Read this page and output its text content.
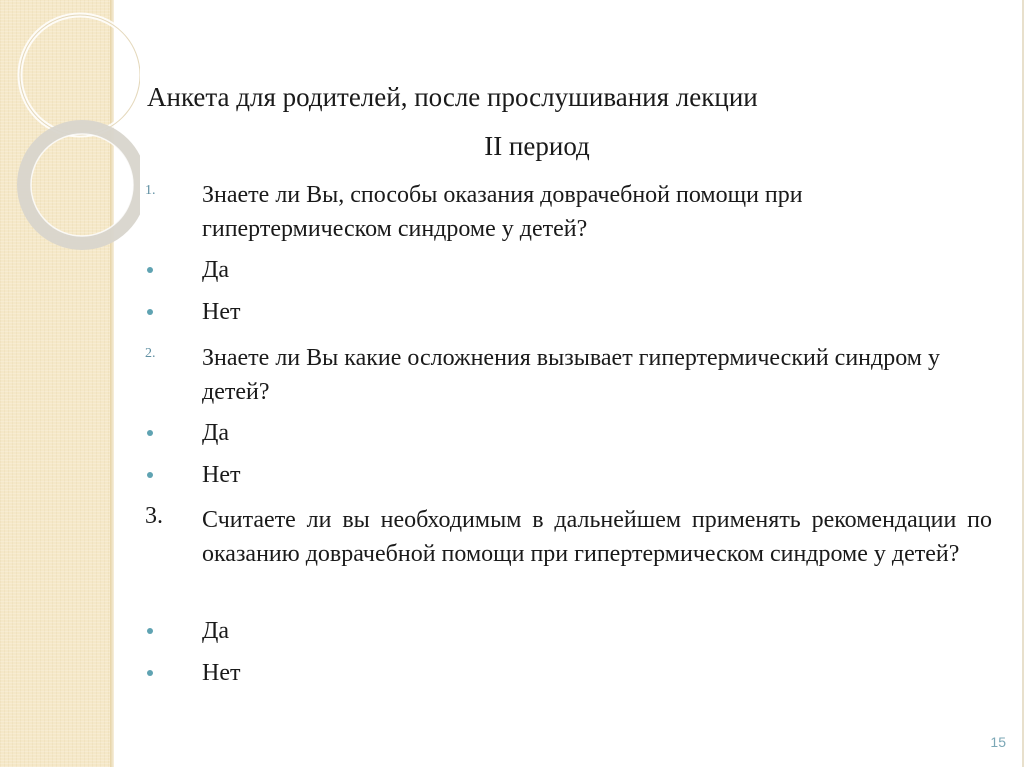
Анкета для родителей, после прослушивания лекции
II период
1. Знаете ли Вы, способы оказания доврачебной помощи при гипертермическом синдроме у детей?
Да
Нет
2. Знаете ли Вы какие осложнения вызывает гипертермический синдром у детей?
Да
Нет
3. Считаете ли вы необходимым в дальнейшем применять рекомендации по оказанию доврачебной помощи при гипертермическом синдроме у детей?
Да
Нет
15
